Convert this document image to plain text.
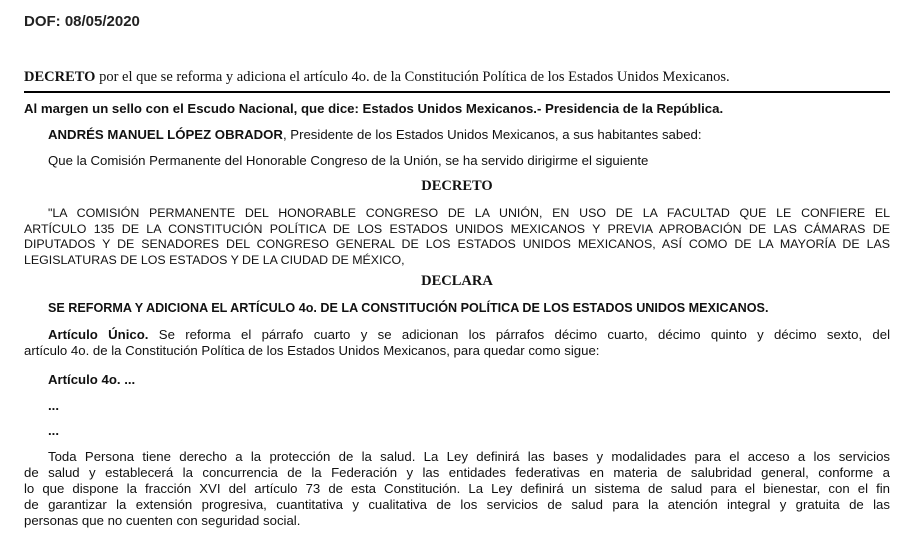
DOF: 08/05/2020
DECRETO por el que se reforma y adiciona el artículo 4o. de la Constitución Política de los Estados Unidos Mexicanos.
Al margen un sello con el Escudo Nacional, que dice: Estados Unidos Mexicanos.- Presidencia de la República.
ANDRÉS MANUEL LÓPEZ OBRADOR, Presidente de los Estados Unidos Mexicanos, a sus habitantes sabed:
Que la Comisión Permanente del Honorable Congreso de la Unión, se ha servido dirigirme el siguiente
DECRETO
"LA COMISIÓN PERMANENTE DEL HONORABLE CONGRESO DE LA UNIÓN, EN USO DE LA FACULTAD QUE LE CONFIERE EL
ARTÍCULO 135 DE LA CONSTITUCIÓN POLÍTICA DE LOS ESTADOS UNIDOS MEXICANOS Y PREVIA APROBACIÓN DE LAS CÁMARAS DE
DIPUTADOS Y DE SENADORES DEL CONGRESO GENERAL DE LOS ESTADOS UNIDOS MEXICANOS, ASÍ COMO DE LA MAYORÍA DE LAS
LEGISLATURAS DE LOS ESTADOS Y DE LA CIUDAD DE MÉXICO,
DECLARA
SE REFORMA Y ADICIONA EL ARTÍCULO 4o. DE LA CONSTITUCIÓN POLÍTICA DE LOS ESTADOS UNIDOS MEXICANOS.
Artículo Único. Se reforma el párrafo cuarto y se adicionan los párrafos décimo cuarto, décimo quinto y décimo sexto, del
artículo 4o. de la Constitución Política de los Estados Unidos Mexicanos, para quedar como sigue:
Artículo 4o. ...
...
...
Toda Persona tiene derecho a la protección de la salud. La Ley definirá las bases y modalidades para el acceso a los servicios
de salud y establecerá la concurrencia de la Federación y las entidades federativas en materia de salubridad general, conforme a
lo que dispone la fracción XVI del artículo 73 de esta Constitución. La Ley definirá un sistema de salud para el bienestar, con el fin
de garantizar la extensión progresiva, cuantitativa y cualitativa de los servicios de salud para la atención integral y gratuita de las
personas que no cuenten con seguridad social.
